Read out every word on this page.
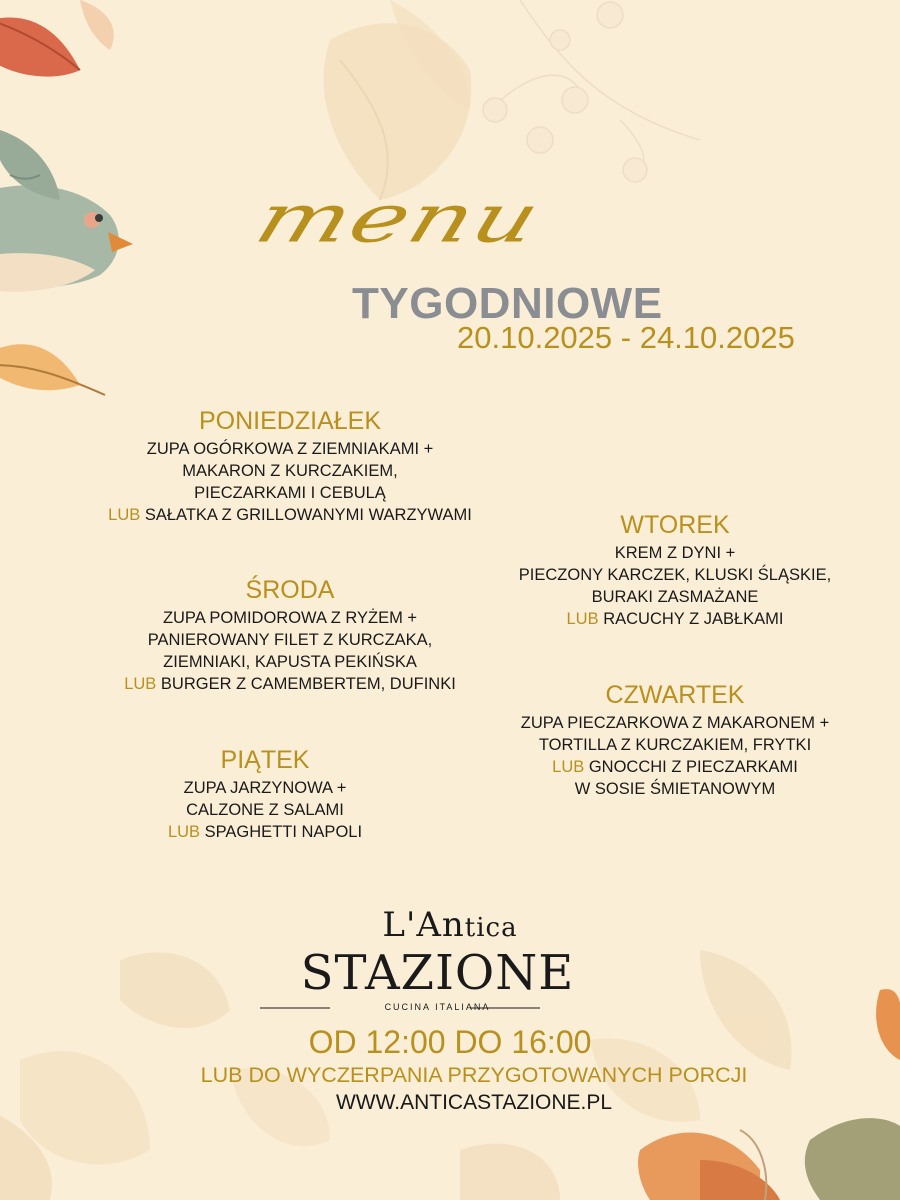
menu
TYGODNIOWE
20.10.2025 - 24.10.2025
PONIEDZIAŁEK
ZUPA OGÓRKOWA Z ZIEMNIAKAMI +
MAKARON Z KURCZAKIEM,
PIECZARKAMI I CEBULĄ
LUB SAŁATKA Z GRILLOWANYMI WARZYWAMI	WTOREK
KREM Z DYNI +
PIECZONY KARCZEK, KLUSKI ŚLĄSKIE,
BURAKI ZASMAŻANE
LUB RACUCHY Z JABŁKAMI
ŚRODA
ZUPA POMIDOROWA Z RYŻEM +
PANIEROWANY FILET Z KURCZAKA,
ZIEMNIAKI, KAPUSTA PEKIŃSKA
LUB BURGER Z CAMEMBERTEM, DUFINKI	CZWARTEK
ZUPA PIECZARKOWA Z MAKARONEM +
TORTILLA Z KURCZAKIEM, FRYTKI
LUB GNOCCHI Z PIECZARKAMI
W SOSIE ŚMIETANOWYM
PIĄTEK
ZUPA JARZYNOWA +
CALZONE Z SALAMI
LUB SPAGHETTI NAPOLI
L'Antica
STAZIONE
CUCINA ITALIANA
OD 12:00 DO 16:00
LUB DO WYCZERPANIA PRZYGOTOWANYCH PORCJI
WWW.ANTICASTAZIONE.PL
